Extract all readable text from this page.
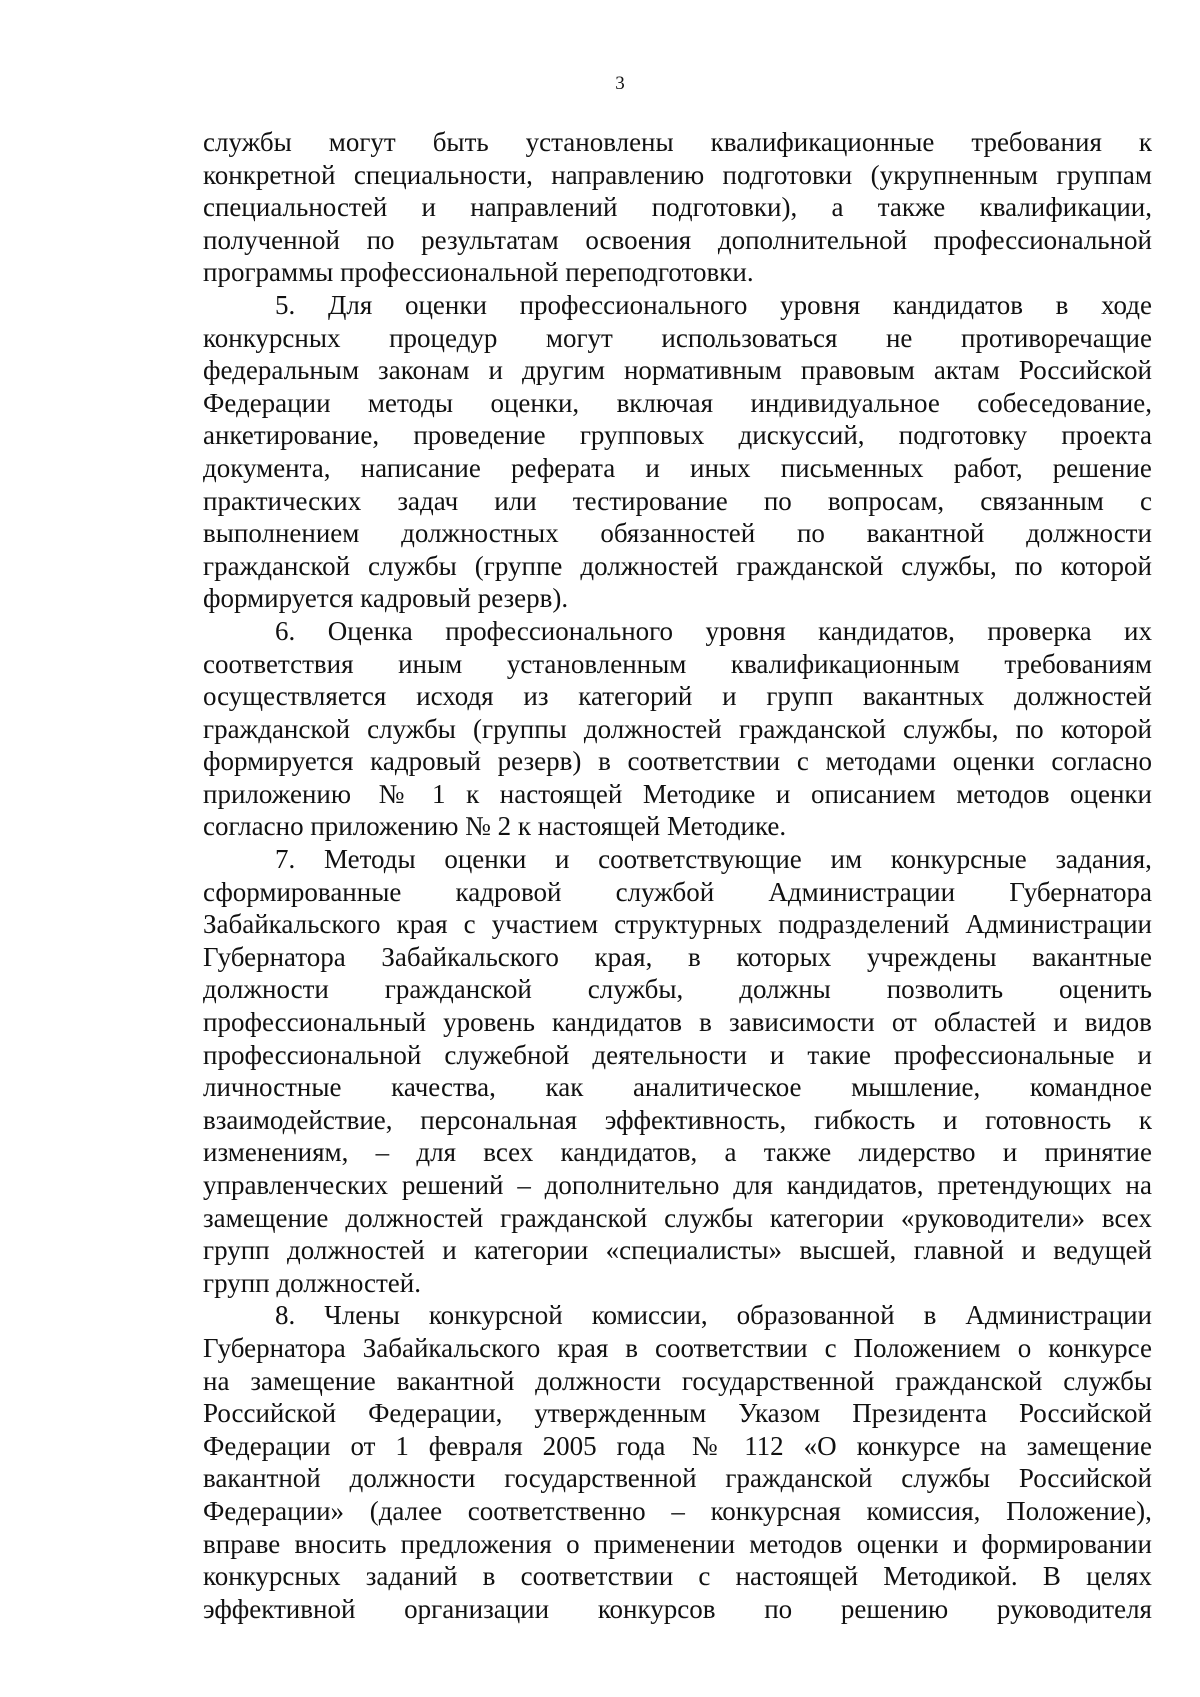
3
службы могут быть установлены квалификационные требования к
конкретной специальности, направлению подготовки (укрупненным группам
специальностей и направлений подготовки), а также квалификации,
полученной по результатам освоения дополнительной профессиональной
программы профессиональной переподготовки.
5. Для оценки профессионального уровня кандидатов в ходе
конкурсных процедур могут использоваться не противоречащие
федеральным законам и другим нормативным правовым актам Российской
Федерации методы оценки, включая индивидуальное собеседование,
анкетирование, проведение групповых дискуссий, подготовку проекта
документа, написание реферата и иных письменных работ, решение
практических задач или тестирование по вопросам, связанным с
выполнением должностных обязанностей по вакантной должности
гражданской службы (группе должностей гражданской службы, по которой
формируется кадровый резерв).
6. Оценка профессионального уровня кандидатов, проверка их
соответствия иным установленным квалификационным требованиям
осуществляется исходя из категорий и групп вакантных должностей
гражданской службы (группы должностей гражданской службы, по которой
формируется кадровый резерв) в соответствии с методами оценки согласно
приложению № 1 к настоящей Методике и описанием методов оценки
согласно приложению № 2 к настоящей Методике.
7. Методы оценки и соответствующие им конкурсные задания,
сформированные кадровой службой Администрации Губернатора
Забайкальского края с участием структурных подразделений Администрации
Губернатора Забайкальского края, в которых учреждены вакантные
должности гражданской службы, должны позволить оценить
профессиональный уровень кандидатов в зависимости от областей и видов
профессиональной служебной деятельности и такие профессиональные и
личностные качества, как аналитическое мышление, командное
взаимодействие, персональная эффективность, гибкость и готовность к
изменениям, – для всех кандидатов, а также лидерство и принятие
управленческих решений – дополнительно для кандидатов, претендующих на
замещение должностей гражданской службы категории «руководители» всех
групп должностей и категории «специалисты» высшей, главной и ведущей
групп должностей.
8. Члены конкурсной комиссии, образованной в Администрации
Губернатора Забайкальского края в соответствии с Положением о конкурсе
на замещение вакантной должности государственной гражданской службы
Российской Федерации, утвержденным Указом Президента Российской
Федерации от 1 февраля 2005 года № 112 «О конкурсе на замещение
вакантной должности государственной гражданской службы Российской
Федерации» (далее соответственно – конкурсная комиссия, Положение),
вправе вносить предложения о применении методов оценки и формировании
конкурсных заданий в соответствии с настоящей Методикой. В целях
эффективной организации конкурсов по решению руководителя
